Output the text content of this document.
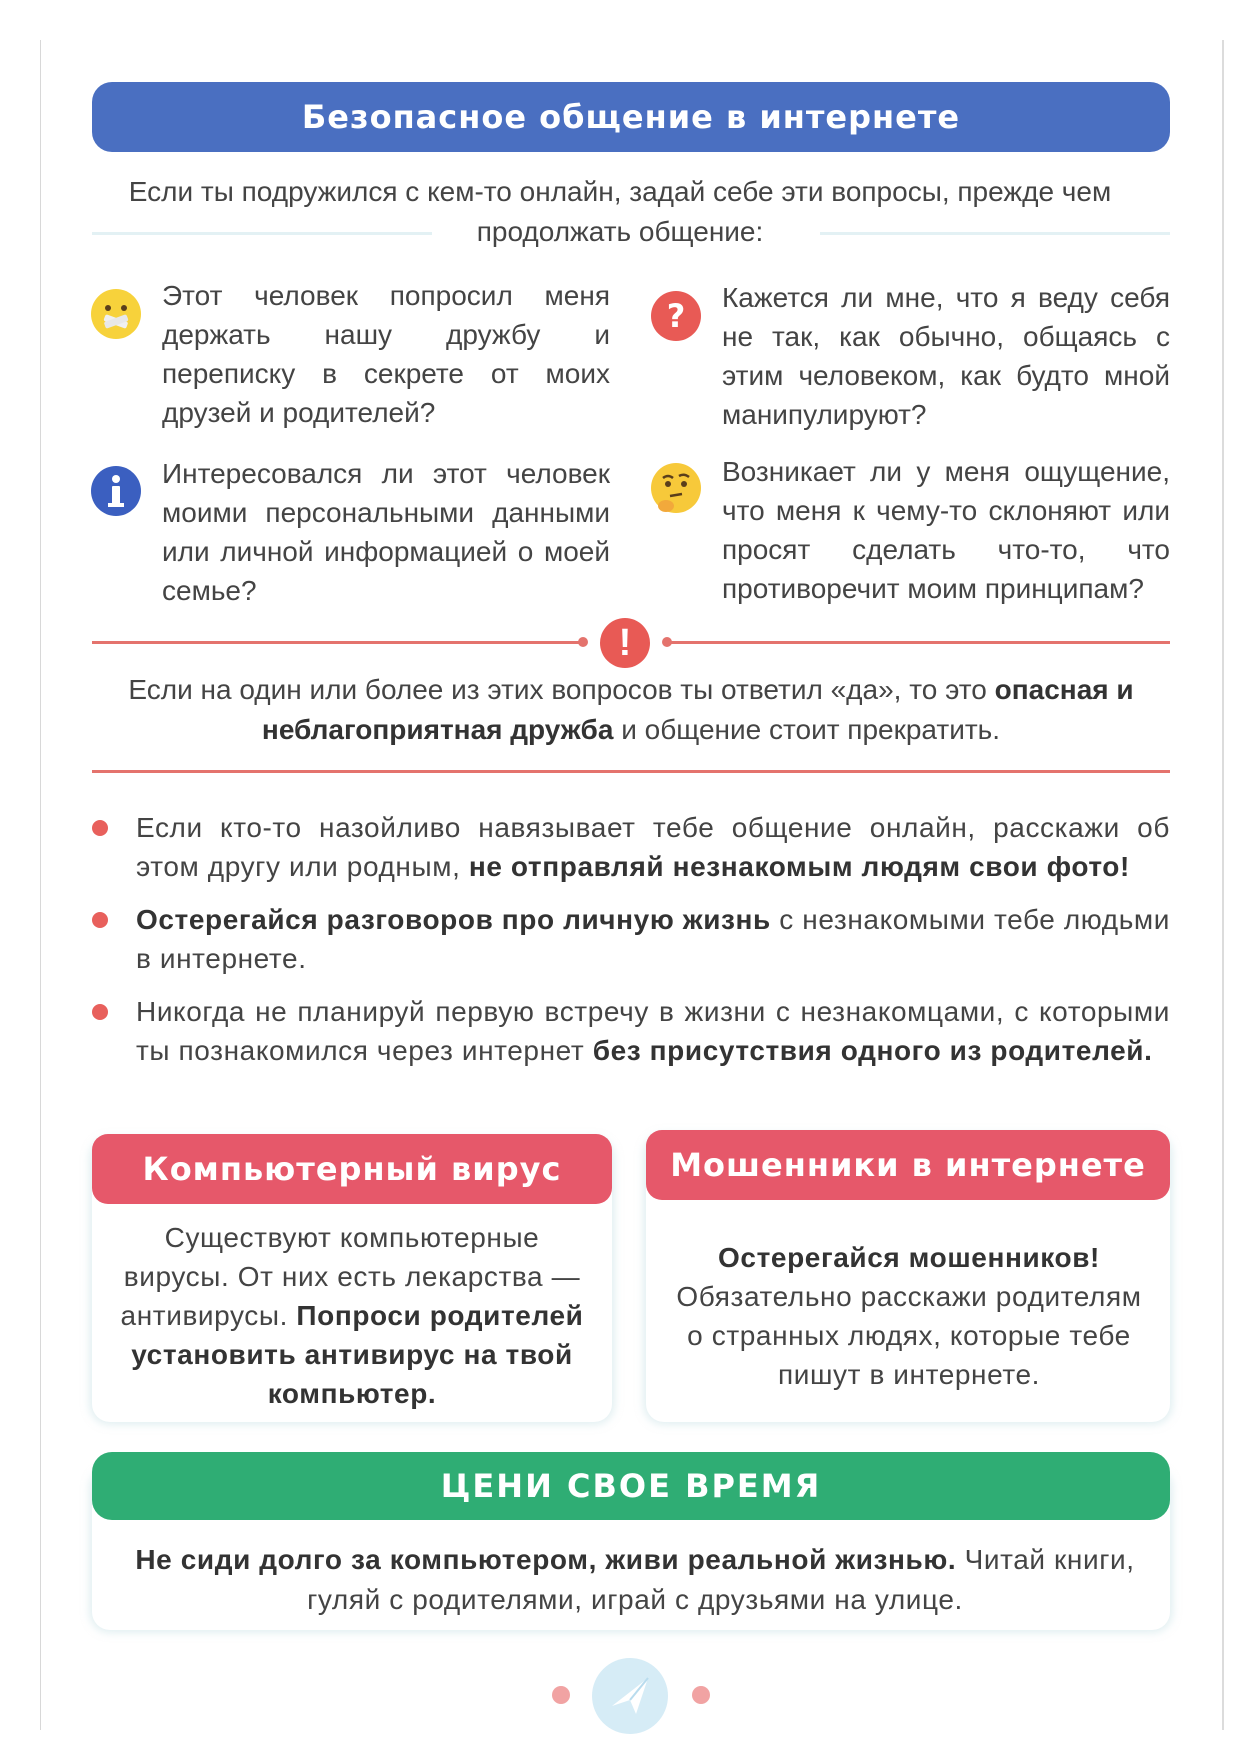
Безопасное общение в интернете
Если ты подружился с кем-то онлайн, задай себе эти вопросы, прежде чем продолжать общение:
Этот человек попросил меня держать нашу дружбу и переписку в секрете от моих друзей и родителей?
? Кажется ли мне, что я веду себя не так, как обычно, общаясь с этим человеком, как будто мной манипулируют?
Интересовался ли этот человек моими персональными данными или личной информацией о моей семье?
Возникает ли у меня ощущение, что меня к чему-то склоняют или просят сделать что-то, что противоречит моим принципам?
!
Если на один или более из этих вопросов ты ответил «да», то это опасная и неблагоприятная дружба и общение стоит прекратить.
Если кто-то назойливо навязывает тебе общение онлайн, расскажи об этом другу или родным, не отправляй незнакомым людям свои фото!
Остерегайся разговоров про личную жизнь с незнакомыми тебе людьми в интернете.
Никогда не планируй первую встречу в жизни с незнакомцами, с которыми ты познакомился через интернет без присутствия одного из родителей.
Компьютерный вирус
Существуют компьютерные вирусы. От них есть лекарства — антивирусы. Попроси родителей установить антивирус на твой компьютер.
Мошенники в интернете
Остерегайся мошенников! Обязательно расскажи родителям о странных людях, которые тебе пишут в интернете.
ЦЕНИ СВОЕ ВРЕМЯ
Не сиди долго за компьютером, живи реальной жизнью. Читай книги, гуляй с родителями, играй с друзьями на улице.
